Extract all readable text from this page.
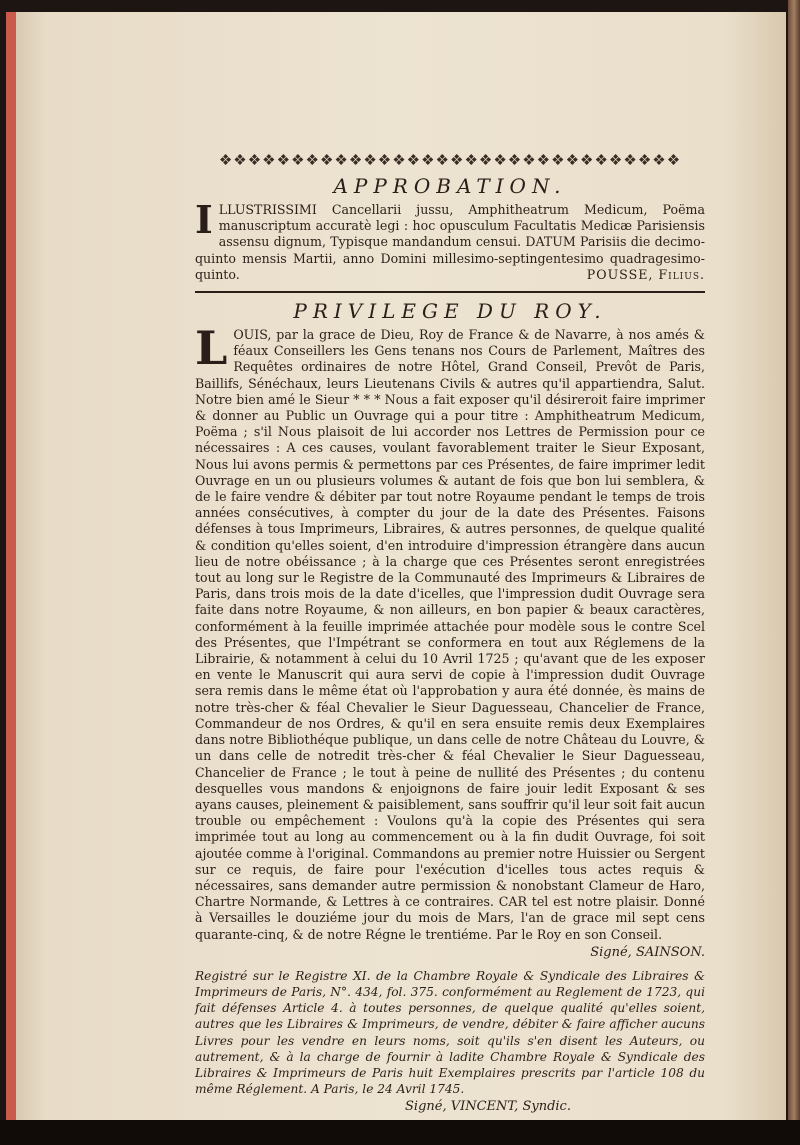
❖❖❖❖❖❖❖❖❖❖❖❖❖❖❖❖❖❖❖❖❖❖❖❖❖❖❖❖❖❖❖❖
APPROBATION.

ILLUSTRISSIMI Cancellarii jussu, Amphitheatrum Medicum, Poëma manuscriptum accuratè legi : hoc opusculum Facultatis Medicæ Parisiensis assensu dignum, Typisque mandandum censui. DATUM Parisiis die decimo-quinto mensis Martii, anno Domini millesimo-septingentesimo quadragesimo-quinto.	POUSSE, Filius.

PRIVILEGE DU ROY.

LOUIS, par la grace de Dieu, Roy de France & de Navarre, à nos amés & féaux Conseillers les Gens tenans nos Cours de Parlement, Maîtres des Requêtes ordinaires de notre Hôtel, Grand Conseil, Prevôt de Paris, Baillifs, Sénéchaux, leurs Lieutenans Civils & autres qu'il appartiendra, Salut. Notre bien amé le Sieur * * * Nous a fait exposer qu'il désireroit faire imprimer & donner au Public un Ouvrage qui a pour titre : Amphitheatrum Medicum, Poëma ; s'il Nous plaisoit de lui accorder nos Lettres de Permission pour ce nécessaires : A ces causes, voulant favorablement traiter le Sieur Exposant, Nous lui avons permis & permettons par ces Présentes, de faire imprimer ledit Ouvrage en un ou plusieurs volumes & autant de fois que bon lui semblera, & de le faire vendre & débiter par tout notre Royaume pendant le temps de trois années consécutives, à compter du jour de la date des Présentes. Faisons défenses à tous Imprimeurs, Libraires, & autres personnes, de quelque qualité & condition qu'elles soient, d'en introduire d'impression étrangère dans aucun lieu de notre obéissance ; à la charge que ces Présentes seront enregistrées tout au long sur le Registre de la Communauté des Imprimeurs & Libraires de Paris, dans trois mois de la date d'icelles, que l'impression dudit Ouvrage sera faite dans notre Royaume, & non ailleurs, en bon papier & beaux caractères, conformément à la feuille imprimée attachée pour modèle sous le contre Scel des Présentes, que l'Impétrant se conformera en tout aux Réglemens de la Librairie, & notamment à celui du 10 Avril 1725 ; qu'avant que de les exposer en vente le Manuscrit qui aura servi de copie à l'impression dudit Ouvrage sera remis dans le même état où l'approbation y aura été donnée, ès mains de notre très-cher & féal Chevalier le Sieur Daguesseau, Chancelier de France, Commandeur de nos Ordres, & qu'il en sera ensuite remis deux Exemplaires dans notre Bibliothéque publique, un dans celle de notre Château du Louvre, & un dans celle de notredit très-cher & féal Chevalier le Sieur Daguesseau, Chancelier de France ; le tout à peine de nullité des Présentes ; du contenu desquelles vous mandons & enjoignons de faire jouir ledit Exposant & ses ayans causes, pleinement & paisiblement, sans souffrir qu'il leur soit fait aucun trouble ou empêchement : Voulons qu'à la copie des Présentes qui sera imprimée tout au long au commencement ou à la fin dudit Ouvrage, foi soit ajoutée comme à l'original. Commandons au premier notre Huissier ou Sergent sur ce requis, de faire pour l'exécution d'icelles tous actes requis & nécessaires, sans demander autre permission & nonobstant Clameur de Haro, Chartre Normande, & Lettres à ce contraires. CAR tel est notre plaisir. Donné à Versailles le douziéme jour du mois de Mars, l'an de grace mil sept cens quarante-cinq, & de notre Régne le trentiéme. Par le Roy en son Conseil.

Signé, SAINSON.

Registré sur le Registre XI. de la Chambre Royale & Syndicale des Libraires & Imprimeurs de Paris, N°. 434, fol. 375. conformément au Reglement de 1723, qui fait défenses Article 4. à toutes personnes, de quelque qualité qu'elles soient, autres que les Libraires & Imprimeurs, de vendre, débiter & faire afficher aucuns Livres pour les vendre en leurs noms, soit qu'ils s'en disent les Auteurs, ou autrement, & à la charge de fournir à ladite Chambre Royale & Syndicale des Libraires & Imprimeurs de Paris huit Exemplaires prescrits par l'article 108 du même Réglement. A Paris, le 24 Avril 1745.

Signé, VINCENT, Syndic.
